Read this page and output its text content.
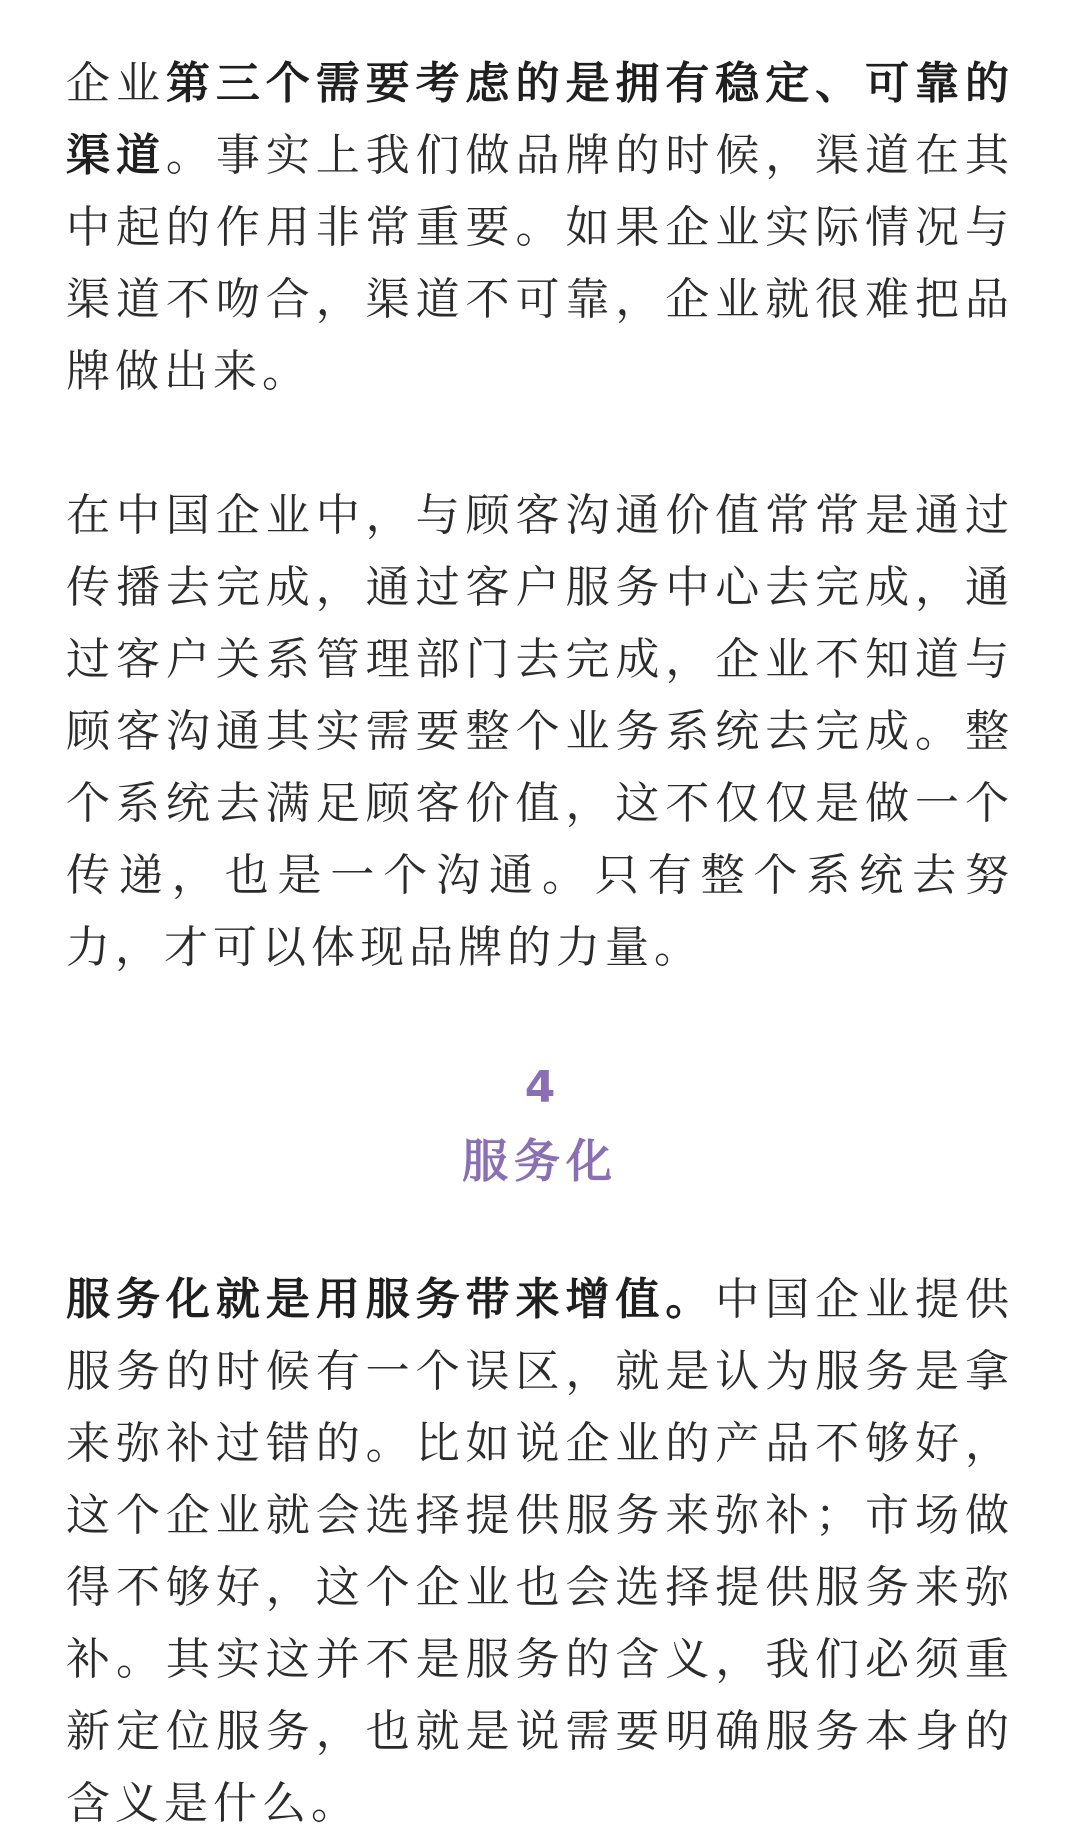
企业第三个需要考虑的是拥有稳定、可靠的渠道。事实上我们做品牌的时候，渠道在其中起的作用非常重要。如果企业实际情况与渠道不吻合，渠道不可靠，企业就很难把品牌做出来。

在中国企业中，与顾客沟通价值常常是通过传播去完成，通过客户服务中心去完成，通过客户关系管理部门去完成，企业不知道与顾客沟通其实需要整个业务系统去完成。整个系统去满足顾客价值，这不仅仅是做一个传递，也是一个沟通。只有整个系统去努力，才可以体现品牌的力量。

4
服务化

服务化就是用服务带来增值。中国企业提供服务的时候有一个误区，就是认为服务是拿来弥补过错的。比如说企业的产品不够好，这个企业就会选择提供服务来弥补；市场做得不够好，这个企业也会选择提供服务来弥补。其实这并不是服务的含义，我们必须重新定位服务，也就是说需要明确服务本身的含义是什么。
